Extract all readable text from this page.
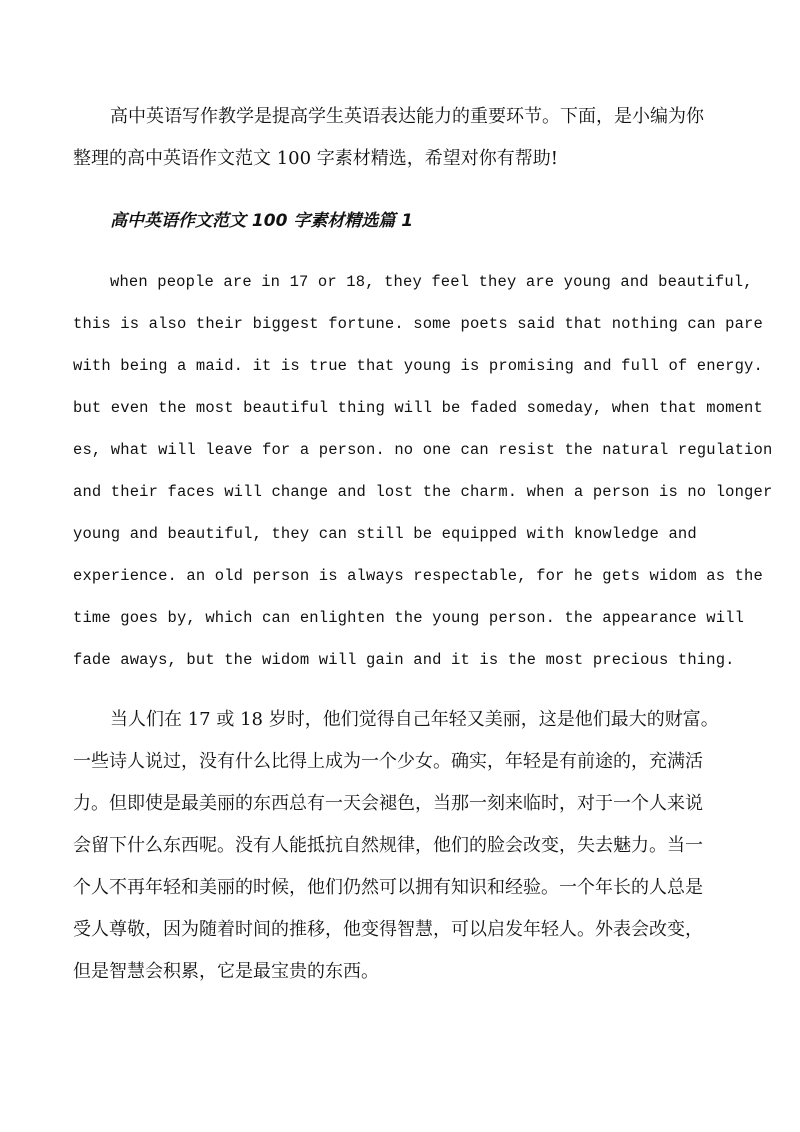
高中英语写作教学是提高学生英语表达能力的重要环节。下面，是小编为你
整理的高中英语作文范文 100 字素材精选，希望对你有帮助!
高中英语作文范文 100 字素材精选篇 1
when people are in 17 or 18, they feel they are young and beautiful,
this is also their biggest fortune. some poets said that nothing can pare
with being a maid. it is true that young is promising and full of energy.
but even the most beautiful thing will be faded someday, when that moment
es, what will leave for a person. no one can resist the natural regulation
and their faces will change and lost the charm. when a person is no longer
young and beautiful, they can still be equipped with knowledge and
experience. an old person is always respectable, for he gets widom as the
time goes by, which can enlighten the young person. the appearance will
fade aways, but the widom will gain and it is the most precious thing.
当人们在 17 或 18 岁时，他们觉得自己年轻又美丽，这是他们最大的财富。
一些诗人说过，没有什么比得上成为一个少女。确实，年轻是有前途的，充满活
力。但即使是最美丽的东西总有一天会褪色，当那一刻来临时，对于一个人来说
会留下什么东西呢。没有人能抵抗自然规律，他们的脸会改变，失去魅力。当一
个人不再年轻和美丽的时候，他们仍然可以拥有知识和经验。一个年长的人总是
受人尊敬，因为随着时间的推移，他变得智慧，可以启发年轻人。外表会改变，
但是智慧会积累，它是最宝贵的东西。
